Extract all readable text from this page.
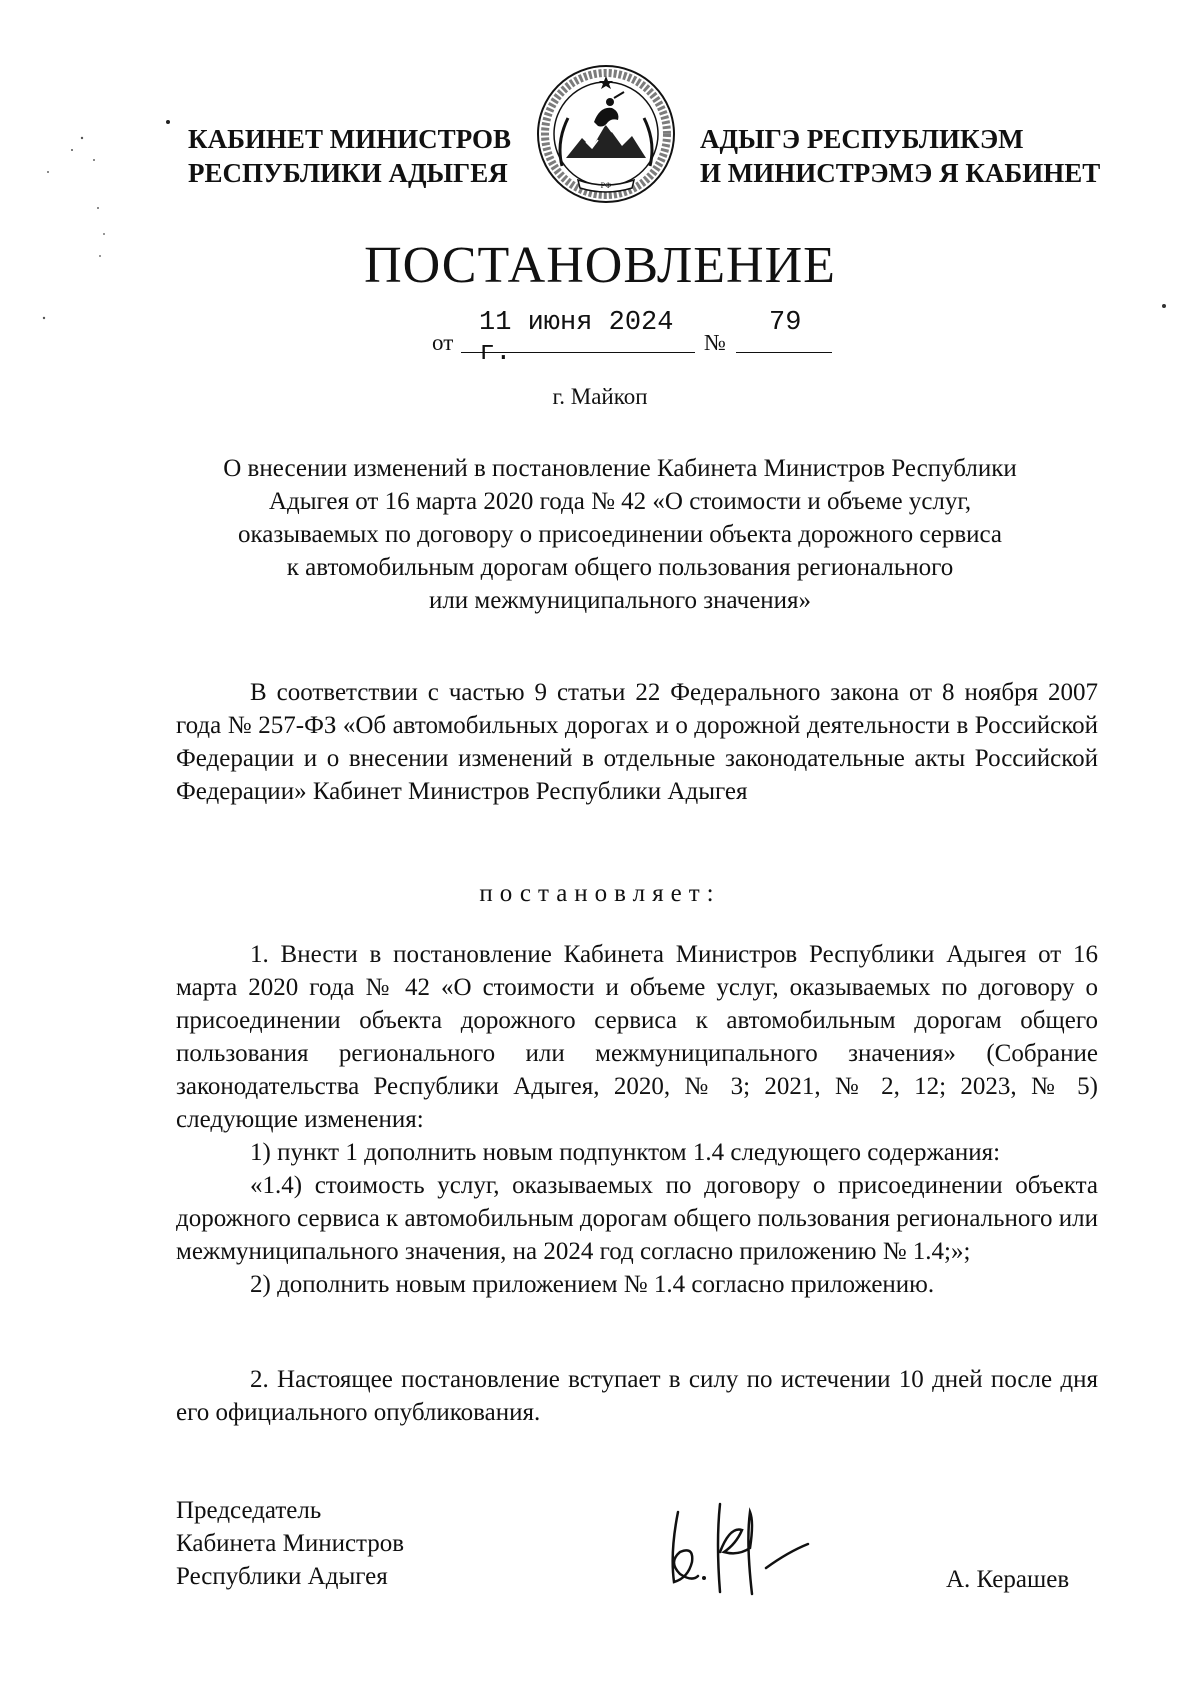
КАБИНЕТ МИНИСТРОВ
РЕСПУБЛИКИ АДЫГЕЯ	РФ
АДЫГЭ РЕСПУБЛИКЭМ
И МИНИСТРЭМЭ Я КАБИНЕТ
ПОСТАНОВЛЕНИЕ
от
11 июня 2024 г.	№
79
г. Майкоп
О внесении изменений в постановление Кабинета Министров Республики
Адыгея от 16 марта 2020 года № 42 «О стоимости и объеме услуг,
оказываемых по договору о присоединении объекта дорожного сервиса
к автомобильным дорогам общего пользования регионального
или межмуниципального значения»

В соответствии с частью 9 статьи 22 Федерального закона от 8 ноября 2007 года № 257-ФЗ «Об автомобильных дорогах и о дорожной деятельности в Российской Федерации и о внесении изменений в отдельные законодательные акты Российской Федерации» Кабинет Министров Республики Адыгея

постановляет:

1. Внести в постановление Кабинета Министров Республики Адыгея от 16 марта 2020 года № 42 «О стоимости и объеме услуг, оказываемых по договору о присоединении объекта дорожного сервиса к автомобильным дорогам общего пользования регионального или межмуниципального значения» (Собрание законодательства Республики Адыгея, 2020, № 3; 2021, № 2, 12; 2023, № 5) следующие изменения:

1) пункт 1 дополнить новым подпунктом 1.4 следующего содержания:

«1.4) стоимость услуг, оказываемых по договору о присоединении объекта дорожного сервиса к автомобильным дорогам общего пользования регионального или межмуниципального значения, на 2024 год согласно приложению № 1.4;»;

2) дополнить новым приложением № 1.4 согласно приложению.

2. Настоящее постановление вступает в силу по истечении 10 дней после дня его официального опубликования.

Председатель
Кабинета Министров
Республики Адыгея	А. Керашев
